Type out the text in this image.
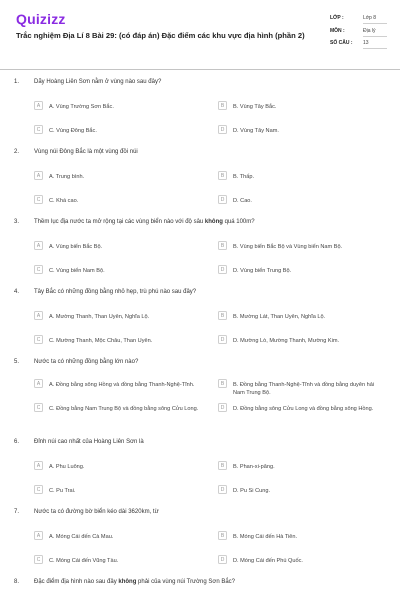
Quizizz
Trắc nghiệm Địa Lí 8 Bài 29: (có đáp án) Đặc điểm các khu vực địa hình (phần 2)
LỚP :	Lớp 8
MÔN :	Địa lý
SỐ CÂU : 13
1. Dãy Hoàng Liên Sơn nằm ở vùng nào sau đây?
A	A. Vùng Trường Sơn Bắc.	B	B. Vùng Tây Bắc.
C	C. Vùng Đông Bắc.	D	D. Vùng Tây Nam.
2. Vùng núi Đông Bắc là một vùng đồi núi
A	A. Trung bình.	B	B. Thấp.
C	C. Khá cao.	D	D. Cao.
3. Thềm lục địa nước ta mở rộng tại các vùng biển nào với độ sâu không quá 100m?
A	A. Vùng biển Bắc Bộ.	B	B. Vùng biển Bắc Bộ và Vùng biển Nam Bộ.
C	C. Vùng biển Nam Bộ.	D	D. Vùng biển Trung Bộ.
4. Tây Bắc có những đồng bằng nhỏ hẹp, trù phú nào sau đây?
A	A. Mường Thanh, Than Uyên, Nghĩa Lộ.	B	B. Mường Lát, Than Uyên, Nghĩa Lộ.
C	C. Mường Thanh, Mộc Châu, Than Uyên.	D	D. Mường Lò, Mường Thanh, Mường Kim.
5. Nước ta có những đồng bằng lớn nào?
A	A. Đồng bằng sông Hồng và đồng bằng Thanh-Nghệ-Tĩnh.	B	B. Đồng bằng Thanh-Nghệ-Tĩnh và đồng bằng duyên hải Nam Trung Bộ.
C	C. Đồng bằng Nam Trung Bộ và đồng bằng sông Cửu Long.	D	D. Đồng bằng sông Cửu Long và đồng bằng sông Hồng.
6. Đỉnh núi cao nhất của Hoàng Liên Sơn là
A	A. Phu Luông.	B	B. Phan-xi-păng.
C	C. Pu Trai.	D	D. Pu Si Cung.
7. Nước ta có đường bờ biển kéo dài 3620km, từ
A	A. Móng Cái đến Cà Mau.	B	B. Móng Cái đến Hà Tiên.
C	C. Móng Cái đến Vũng Tàu.	D	D. Móng Cái đến Phú Quốc.
8. Đặc điểm địa hình nào sau đây không phải của vùng núi Trường Sơn Bắc?
